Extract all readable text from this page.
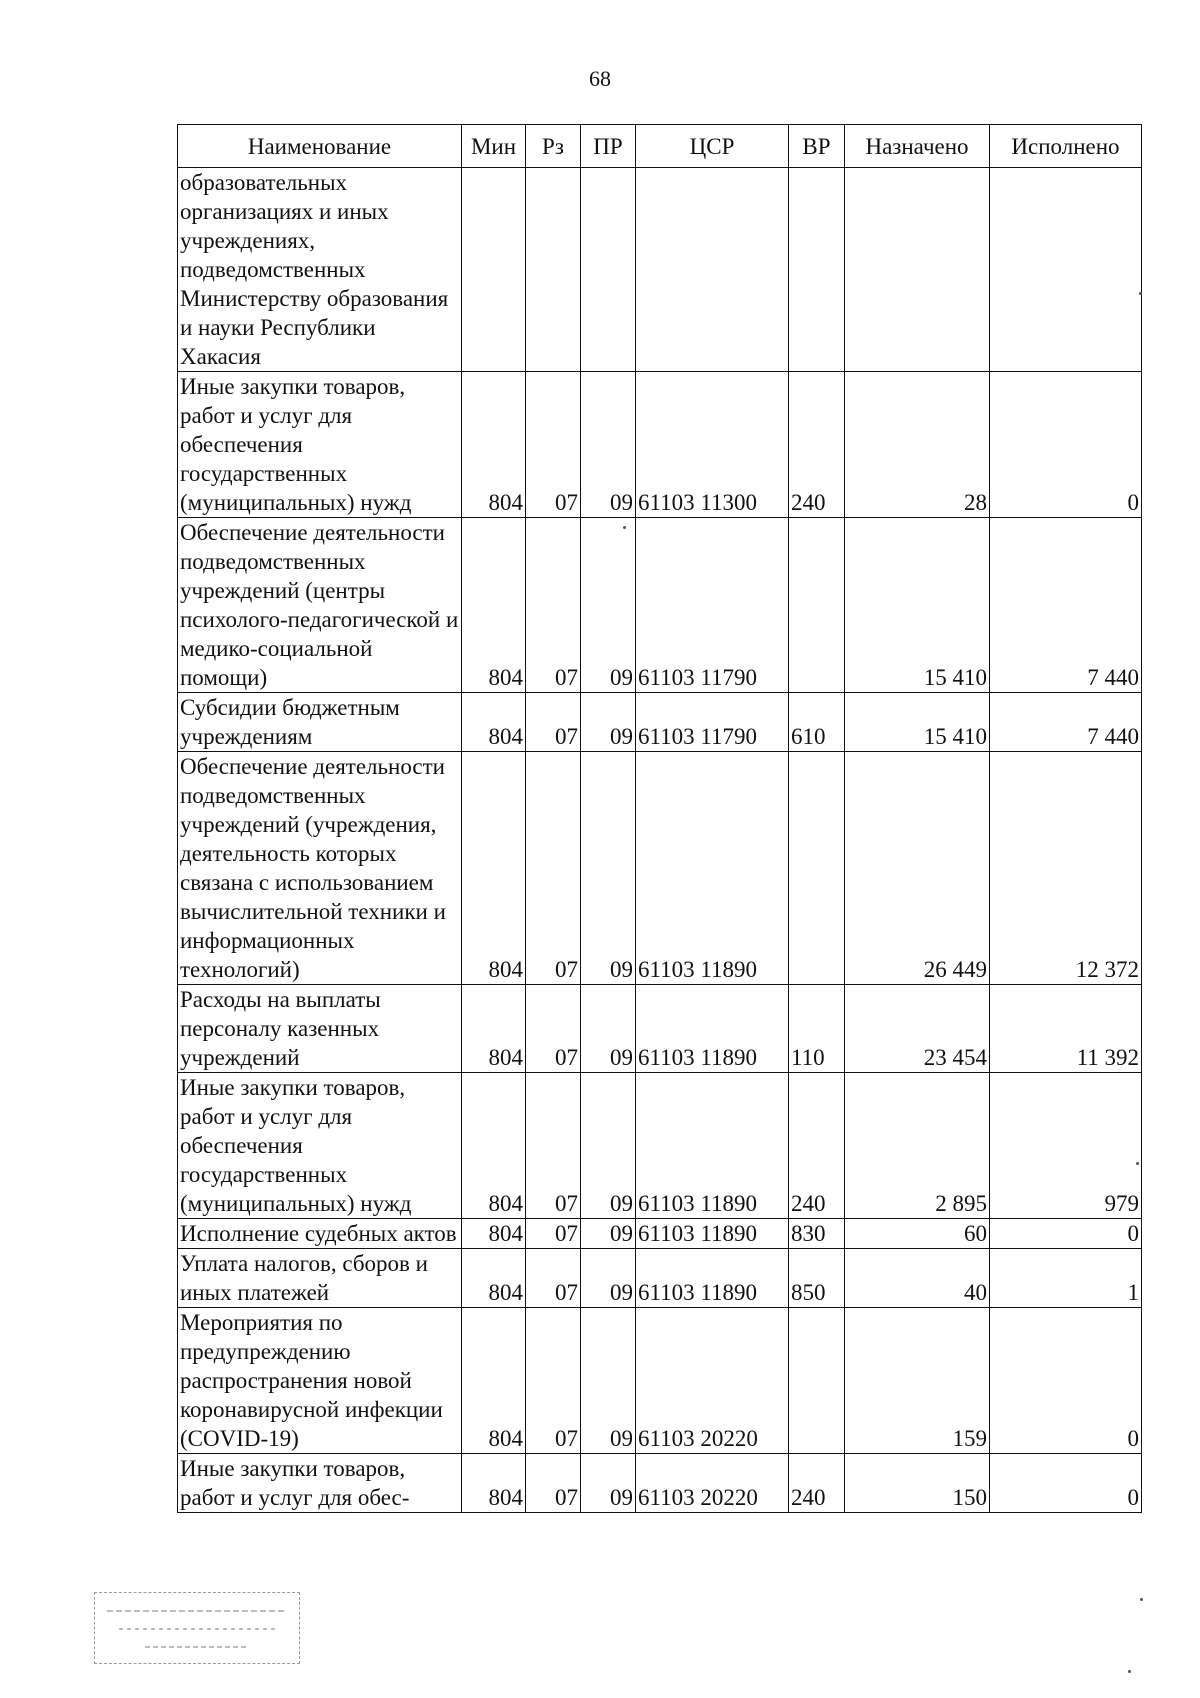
68
Наименование	Мин	Рз	ПР	ЦСР	ВР	Назначено	Исполнено
образовательных организациях и иных учреждениях, подведомственных Министерству образования и науки Республики Хакасия							
Иные закупки товаров, работ и услуг для обеспечения государственных (муниципальных) нужд	804	07	09	61103 11300	240	28	0
Обеспечение деятельности подведомственных учреждений (центры психолого-педагогической и медико-социальной помощи)	804	07	09	61103 11790		15 410	7 440
Субсидии бюджетным учреждениям	804	07	09	61103 11790	610	15 410	7 440
Обеспечение деятельности подведомственных учреждений (учреждения, деятельность которых связана с использованием вычислительной техники и информационных технологий)	804	07	09	61103 11890		26 449	12 372
Расходы на выплаты персоналу казенных учреждений	804	07	09	61103 11890	110	23 454	11 392
Иные закупки товаров, работ и услуг для обеспечения государственных (муниципальных) нужд	804	07	09	61103 11890	240	2 895	979
Исполнение судебных актов	804	07	09	61103 11890	830	60	0
Уплата налогов, сборов и иных платежей	804	07	09	61103 11890	850	40	1
Мероприятия по предупреждению распространения новой коронавирусной инфекции (COVID-19)	804	07	09	61103 20220		159	0
Иные закупки товаров, работ и услуг для обес-	804	07	09	61103 20220	240	150	0
